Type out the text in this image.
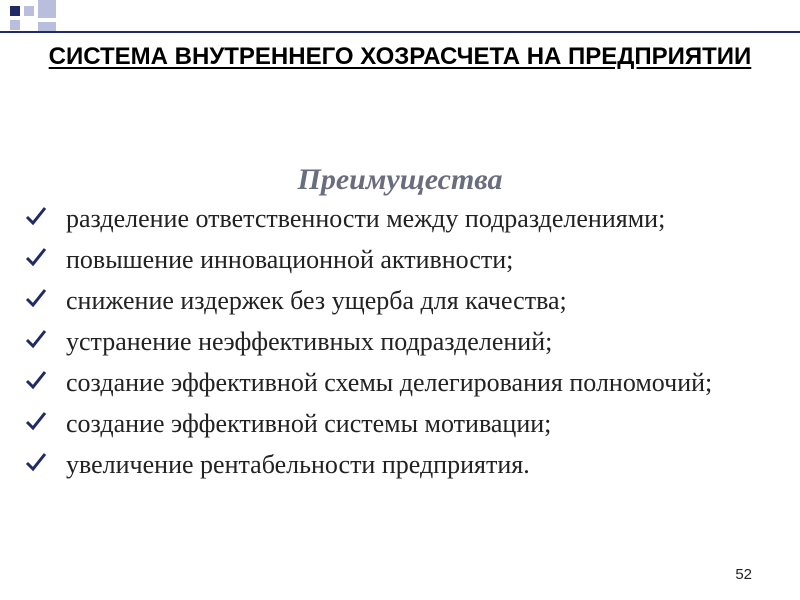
СИСТЕМА ВНУТРЕННЕГО ХОЗРАСЧЕТА НА ПРЕДПРИЯТИИ
Преимущества
разделение ответственности между подразделениями;
повышение инновационной активности;
снижение издержек без ущерба для качества;
устранение неэффективных подразделений;
создание эффективной схемы делегирования полномочий;
создание эффективной системы мотивации;
увеличение рентабельности предприятия.
52
